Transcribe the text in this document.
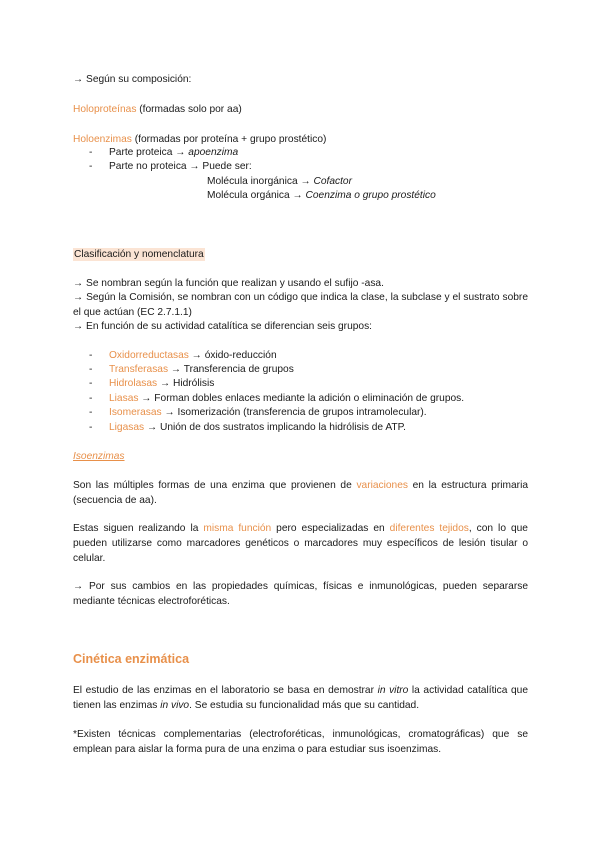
→ Según su composición:
Holoproteínas (formadas solo por aa)
Holoenzimas (formadas por proteína + grupo prostético)
- Parte proteica → apoenzima
- Parte no proteica → Puede ser:
Molécula inorgánica → Cofactor
Molécula orgánica → Coenzima o grupo prostético
Clasificación y nomenclatura
→ Se nombran según la función que realizan y usando el sufijo -asa.
→ Según la Comisión, se nombran con un código que indica la clase, la subclase y el sustrato sobre el que actúan (EC 2.7.1.1)
→ En función de su actividad catalítica se diferencian seis grupos:
- Oxidorreductasas → óxido-reducción
- Transferasas → Transferencia de grupos
- Hidrolasas → Hidrólisis
- Liasas → Forman dobles enlaces mediante la adición o eliminación de grupos.
- Isomerasas → Isomerización (transferencia de grupos intramolecular).
- Ligasas → Unión de dos sustratos implicando la hidrólisis de ATP.
Isoenzimas
Son las múltiples formas de una enzima que provienen de variaciones en la estructura primaria (secuencia de aa).
Estas siguen realizando la misma función pero especializadas en diferentes tejidos, con lo que pueden utilizarse como marcadores genéticos o marcadores muy específicos de lesión tisular o celular.
→ Por sus cambios en las propiedades químicas, físicas e inmunológicas, pueden separarse mediante técnicas electroforéticas.
Cinética enzimática
El estudio de las enzimas en el laboratorio se basa en demostrar in vitro la actividad catalítica que tienen las enzimas in vivo. Se estudia su funcionalidad más que su cantidad.
*Existen técnicas complementarias (electroforéticas, inmunológicas, cromatográficas) que se emplean para aislar la forma pura de una enzima o para estudiar sus isoenzimas.
